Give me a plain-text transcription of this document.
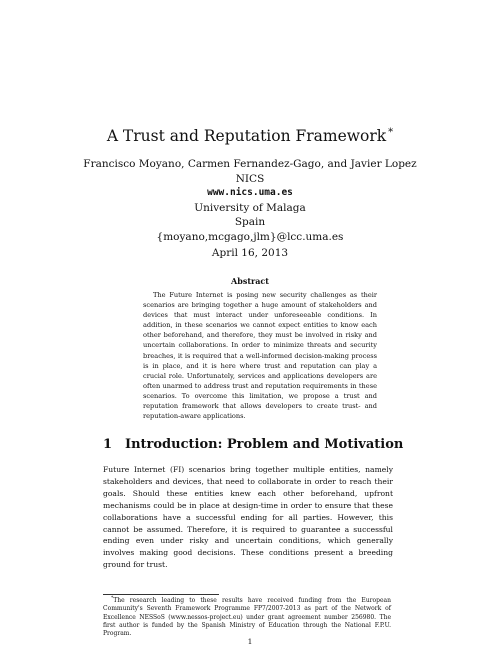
A Trust and Reputation Framework *
Francisco Moyano, Carmen Fernandez-Gago, and Javier Lopez
NICS
www.nics.uma.es
University of Malaga
Spain
{moyano,mcgago,jlm}@lcc.uma.es
April 16, 2013
Abstract

The Future Internet is posing new security challenges as their scenarios are bringing together a huge amount of stakeholders and devices that must interact under unforeseeable conditions. In addition, in these scenarios we cannot expect entities to know each other beforehand, and therefore, they must be involved in risky and uncertain collaborations. In order to minimize threats and security breaches, it is required that a well-informed decision-making process is in place, and it is here where trust and reputation can play a crucial role. Unfortunately, services and applications developers are often unarmed to address trust and reputation requirements in these scenarios. To overcome this limitation, we propose a trust and reputation framework that allows developers to create trust- and reputation-aware applications.

1 Introduction: Problem and Motivation

Future Internet (FI) scenarios bring together multiple entities, namely stakeholders and devices, that need to collaborate in order to reach their goals. Should these entities knew each other beforehand, upfront mechanisms could be in place at design-time in order to ensure that these collaborations have a successful ending for all parties. However, this cannot be assumed. Therefore, it is required to guarantee a successful ending even under risky and uncertain conditions, which generally involves making good decisions. These conditions present a breeding ground for trust.

*The research leading to these results have received funding from the European Community's Seventh Framework Programme FP7/2007-2013 as part of the Network of Excellence NESSoS (www.nessos-project.eu) under grant agreement number 256980. The first author is funded by the Spanish Ministry of Education through the National F.P.U. Program.

1
